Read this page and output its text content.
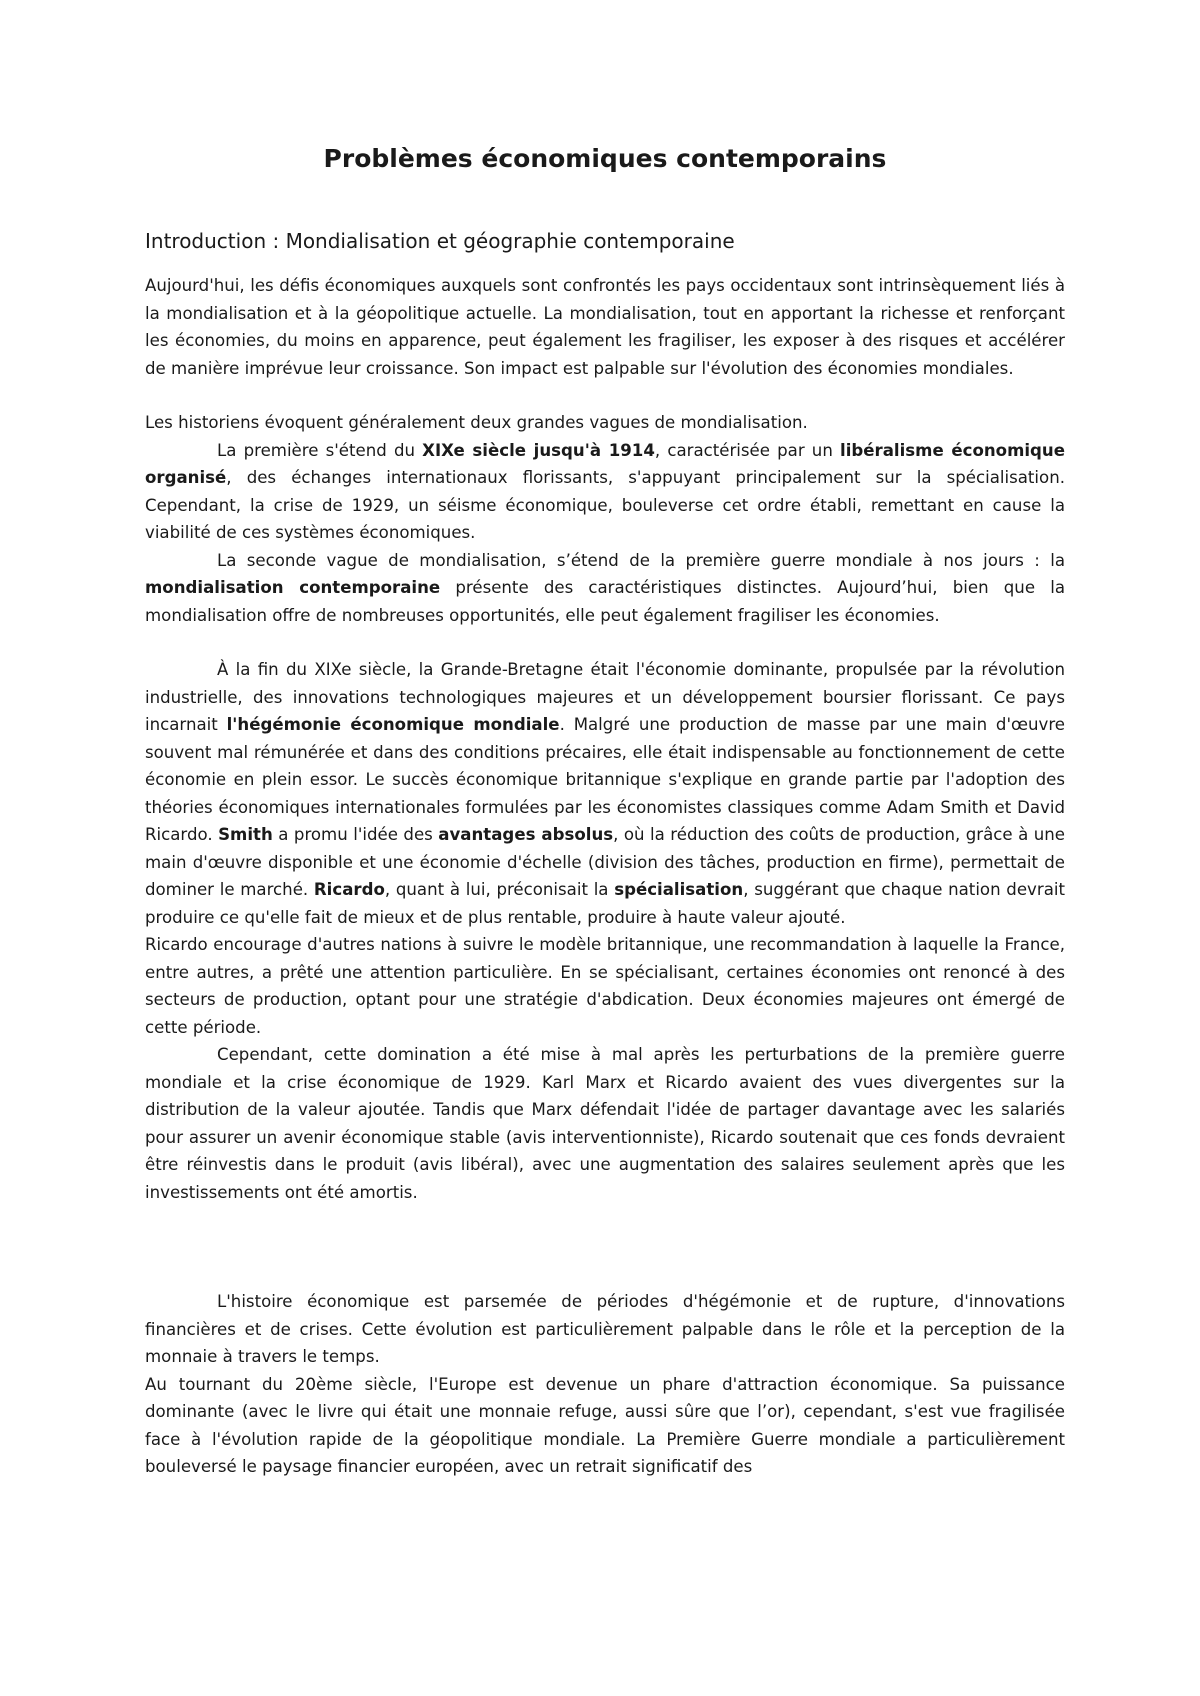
Problèmes économiques contemporains
Introduction : Mondialisation et géographie contemporaine

Aujourd'hui, les défis économiques auxquels sont confrontés les pays occidentaux sont intrinsèquement liés à la mondialisation et à la géopolitique actuelle. La mondialisation, tout en apportant la richesse et renforçant les économies, du moins en apparence, peut également les fragiliser, les exposer à des risques et accélérer de manière imprévue leur croissance. Son impact est palpable sur l'évolution des économies mondiales.

Les historiens évoquent généralement deux grandes vagues de mondialisation.

La première s'étend du XIXe siècle jusqu'à 1914, caractérisée par un libéralisme économique organisé, des échanges internationaux florissants, s'appuyant principalement sur la spécialisation. Cependant, la crise de 1929, un séisme économique, bouleverse cet ordre établi, remettant en cause la viabilité de ces systèmes économiques.

La seconde vague de mondialisation, s’étend de la première guerre mondiale à nos jours : la mondialisation contemporaine présente des caractéristiques distinctes. Aujourd’hui, bien que la mondialisation offre de nombreuses opportunités, elle peut également fragiliser les économies.

À la fin du XIXe siècle, la Grande-Bretagne était l'économie dominante, propulsée par la révolution industrielle, des innovations technologiques majeures et un développement boursier florissant. Ce pays incarnait l'hégémonie économique mondiale. Malgré une production de masse par une main d'œuvre souvent mal rémunérée et dans des conditions précaires, elle était indispensable au fonctionnement de cette économie en plein essor. Le succès économique britannique s'explique en grande partie par l'adoption des théories économiques internationales formulées par les économistes classiques comme Adam Smith et David Ricardo. Smith a promu l'idée des avantages absolus, où la réduction des coûts de production, grâce à une main d'œuvre disponible et une économie d'échelle (division des tâches, production en firme), permettait de dominer le marché. Ricardo, quant à lui, préconisait la spécialisation, suggérant que chaque nation devrait produire ce qu'elle fait de mieux et de plus rentable, produire à haute valeur ajouté.

Ricardo encourage d'autres nations à suivre le modèle britannique, une recommandation à laquelle la France, entre autres, a prêté une attention particulière. En se spécialisant, certaines économies ont renoncé à des secteurs de production, optant pour une stratégie d'abdication. Deux économies majeures ont émergé de cette période.

Cependant, cette domination a été mise à mal après les perturbations de la première guerre mondiale et la crise économique de 1929. Karl Marx et Ricardo avaient des vues divergentes sur la distribution de la valeur ajoutée. Tandis que Marx défendait l'idée de partager davantage avec les salariés pour assurer un avenir économique stable (avis interventionniste), Ricardo soutenait que ces fonds devraient être réinvestis dans le produit (avis libéral), avec une augmentation des salaires seulement après que les investissements ont été amortis.

L'histoire économique est parsemée de périodes d'hégémonie et de rupture, d'innovations financières et de crises. Cette évolution est particulièrement palpable dans le rôle et la perception de la monnaie à travers le temps.

Au tournant du 20ème siècle, l'Europe est devenue un phare d'attraction économique. Sa puissance dominante (avec le livre qui était une monnaie refuge, aussi sûre que l’or), cependant, s'est vue fragilisée face à l'évolution rapide de la géopolitique mondiale. La Première Guerre mondiale a particulièrement bouleversé le paysage financier européen, avec un retrait significatif des
